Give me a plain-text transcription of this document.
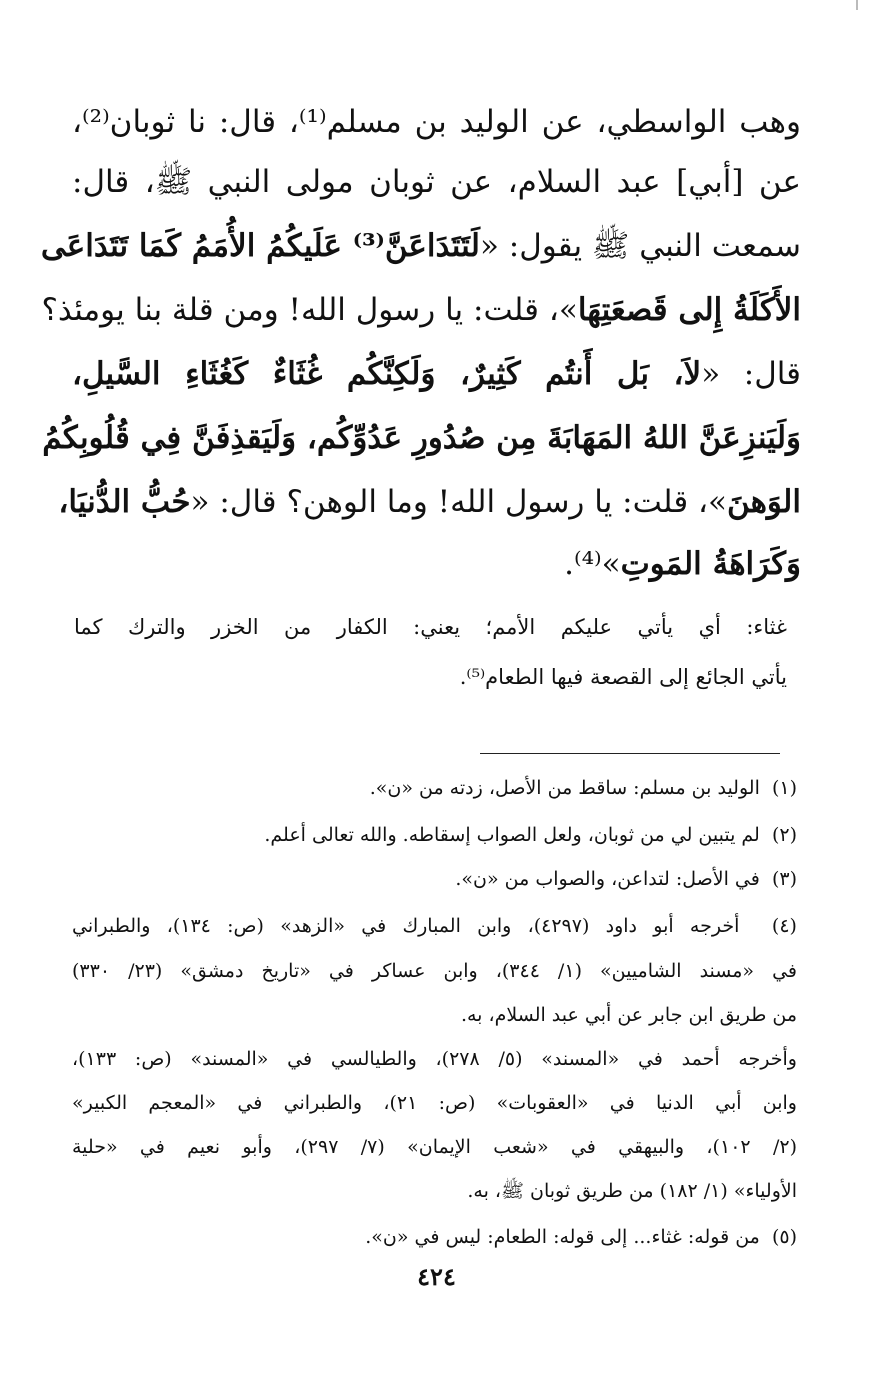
وهب الواسطي، عن الوليد بن مسلم⁽¹⁾، قال: نا ثوبان⁽²⁾،
عن [أبي] عبد السلام، عن ثوبان مولى النبي ﷺ، قال:
سمعت النبي ﷺ يقول: «لَتَتَدَاعَنَّ⁽³⁾ عَلَيكُمُ الأُمَمُ كَمَا تَتَدَاعَى
الأَكَلَةُ إِلى قَصعَتِهَا»، قلت: يا رسول الله! ومن قلة بنا يومئذ؟
قال: «لاَ، بَل أَنتُم كَثِيرٌ، وَلَكِنَّكُم غُثَاءٌ كَغُثَاءِ السَّيلِ،
وَلَيَنزِعَنَّ اللهُ المَهَابَةَ مِن صُدُورِ عَدُوِّكُم، وَلَيَقذِفَنَّ فِي قُلُوبِكُمُ
الوَهنَ»، قلت: يا رسول الله! وما الوهن؟ قال: «حُبُّ الدُّنيَا،
وَكَرَاهَةُ المَوتِ»⁽⁴⁾.
غثاء: أي يأتي عليكم الأمم؛ يعني: الكفار من الخزر والترك كما
يأتي الجائع إلى القصعة فيها الطعام⁽⁵⁾.
(١)  الوليد بن مسلم: ساقط من الأصل، زدته من «ن».
(٢)  لم يتبين لي من ثوبان، ولعل الصواب إسقاطه. والله تعالى أعلم.
(٣)  في الأصل: لتداعن، والصواب من «ن».
(٤)  أخرجه أبو داود (٤٢٩٧)، وابن المبارك في «الزهد» (ص: ١٣٤)، والطبراني
في «مسند الشاميين» (١/ ٣٤٤)، وابن عساكر في «تاريخ دمشق» (٢٣/ ٣٣٠)
من طريق ابن جابر عن أبي عبد السلام، به.
وأخرجه أحمد في «المسند» (٥/ ٢٧٨)، والطيالسي في «المسند» (ص: ١٣٣)،
وابن أبي الدنيا في «العقوبات» (ص: ٢١)، والطبراني في «المعجم الكبير»
(٢/ ١٠٢)، والبيهقي في «شعب الإيمان» (٧/ ٢٩٧)، وأبو نعيم في «حلية
الأولياء» (١/ ١٨٢) من طريق ثوبان ﷺ، به.
(٥)  من قوله: غثاء... إلى قوله: الطعام: ليس في «ن».
٤٢٤
